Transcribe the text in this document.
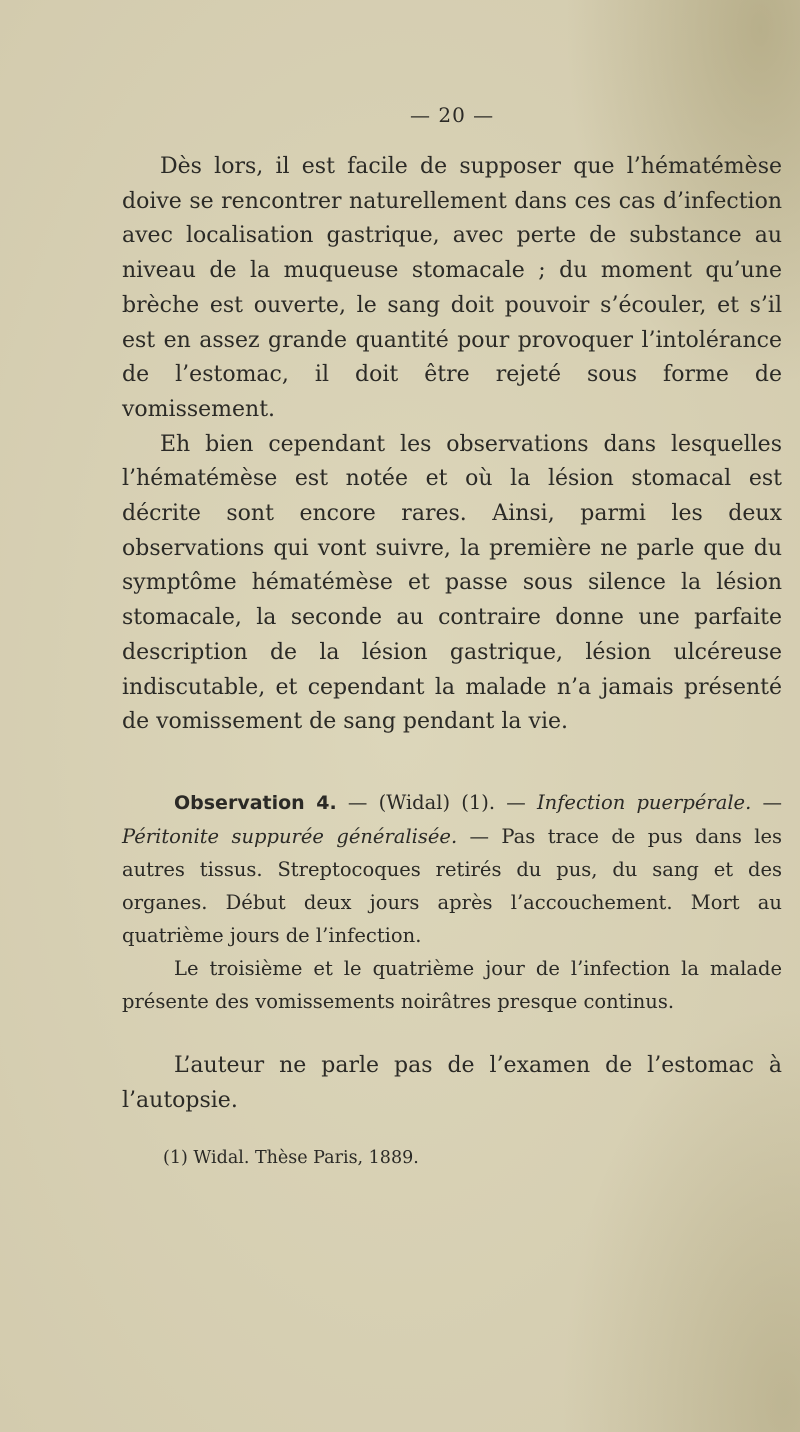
— 20 —

Dès lors, il est facile de supposer que l’hématémèse doive se rencontrer naturellement dans ces cas d’infection avec localisation gastrique, avec perte de substance au niveau de la muqueuse stomacale ; du moment qu’une brèche est ouverte, le sang doit pouvoir s’écouler, et s’il est en assez grande quantité pour provoquer l’intolérance de l’estomac, il doit être rejeté sous forme de vomissement.

Eh bien cependant les observations dans lesquelles l’hématémèse est notée et où la lésion stomacal est décrite sont encore rares. Ainsi, parmi les deux observations qui vont suivre, la première ne parle que du symptôme hématémèse et passe sous silence la lésion stomacale, la seconde au contraire donne une parfaite description de la lésion gastrique, lésion ulcéreuse indiscutable, et cependant la malade n’a jamais présenté de vomissement de sang pendant la vie.

Observation 4. — (Widal) (1). — Infection puerpérale. — Péritonite suppurée généralisée. — Pas trace de pus dans les autres tissus. Streptocoques retirés du pus, du sang et des organes. Début deux jours après l’accouchement. Mort au quatrième jours de l’infection.

Le troisième et le quatrième jour de l’infection la malade présente des vomissements noirâtres presque continus.

L’auteur ne parle pas de l’examen de l’estomac à l’autopsie.

(1) Widal. Thèse Paris, 1889.
